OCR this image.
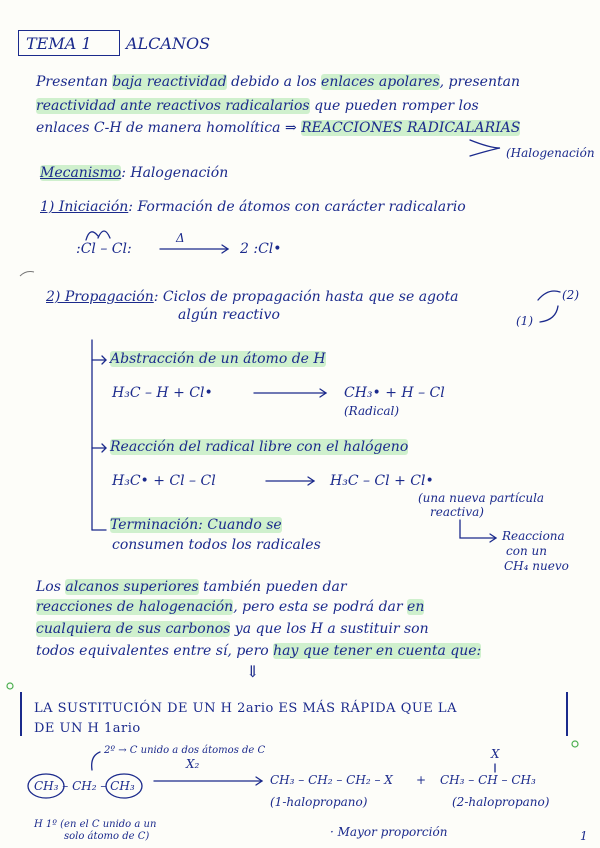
TEMA 1 ALCANOS
Presentan baja reactividad debido a los enlaces apolares, presentan
reactividad ante reactivos radicalarios que pueden romper los
enlaces C-H de manera homolítica ⇒ REACCIONES RADICALARIAS
(Halogenación
Mecanismo: Halogenación
1) Iniciación: Formación de átomos con carácter radicalario
:Cl – Cl:
Δ
2 :Cl•
2) Propagación: Ciclos de propagación hasta que se agota
algún reactivo
(2)
(1)
Abstracción de un átomo de H
H₃C – H + Cl•	CH₃• + H – Cl
(Radical)
Reacción del radical libre con el halógeno
H₃C• + Cl – Cl	H₃C – Cl + Cl•
(una nueva partícula
reactiva)
Terminación: Cuando se
consumen todos los radicales
Reacciona
con un
CH₄ nuevo
Los alcanos superiores también pueden dar
reacciones de halogenación, pero esta se podrá dar en
cualquiera de sus carbonos ya que los H a sustituir son
todos equivalentes entre sí, pero hay que tener en cuenta que:
⇓
LA SUSTITUCIÓN DE UN H 2ario ES MÁS RÁPIDA QUE LA
DE UN H 1ario
2º → C unido a dos átomos de C
CH₃ – CH₂ – CH₃
X₂
CH₃ – CH₂ – CH₂ – X + CH₃ – CH – CH₃
X
(1-halopropano)	(2-halopropano)
H 1º (en el C unido a un
solo átomo de C)	· Mayor proporción	1
